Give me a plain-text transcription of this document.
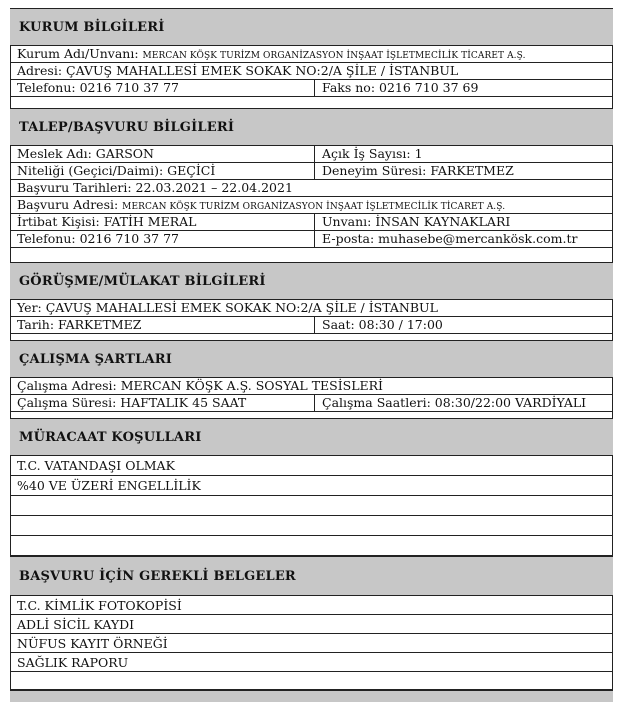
KURUM BİLGİLERİ
Kurum Adı/Unvanı: MERCAN KÖŞK TURİZM ORGANİZASYON İNŞAAT İŞLETMECİLİK TİCARET A.Ş.
Adresi: ÇAVUŞ MAHALLESİ EMEK SOKAK NO:2/A ŞİLE / İSTANBUL
Telefonu: 0216 710 37 77	Faks no: 0216 710 37 69
TALEP/BAŞVURU BİLGİLERİ
Meslek Adı: GARSON	Açık İş Sayısı: 1
Niteliği (Geçici/Daimi): GEÇİCİ	Deneyim Süresi: FARKETMEZ
Başvuru Tarihleri: 22.03.2021 – 22.04.2021
Başvuru Adresi: MERCAN KÖŞK TURİZM ORGANİZASYON İNŞAAT İŞLETMECİLİK TİCARET A.Ş.
İrtibat Kişisi: FATİH MERAL	Unvanı: İNSAN KAYNAKLARI
Telefonu: 0216 710 37 77	E-posta: muhasebe@mercankösk.com.tr
GÖRÜŞME/MÜLAKAT BİLGİLERİ
Yer: ÇAVUŞ MAHALLESİ EMEK SOKAK NO:2/A ŞİLE / İSTANBUL
Tarih: FARKETMEZ	Saat: 08:30 / 17:00
ÇALIŞMA ŞARTLARI
Çalışma Adresi: MERCAN KÖŞK A.Ş. SOSYAL TESİSLERİ
Çalışma Süresi: HAFTALIK 45 SAAT	Çalışma Saatleri: 08:30/22:00 VARDİYALI
MÜRACAAT KOŞULLARI
T.C. VATANDAŞI OLMAK
%40 VE ÜZERİ ENGELLİLİK
BAŞVURU İÇİN GEREKLİ BELGELER
T.C. KİMLİK FOTOKOPİSİ
ADLİ SİCİL KAYDI
NÜFUS KAYIT ÖRNEĞİ
SAĞLIK RAPORU
